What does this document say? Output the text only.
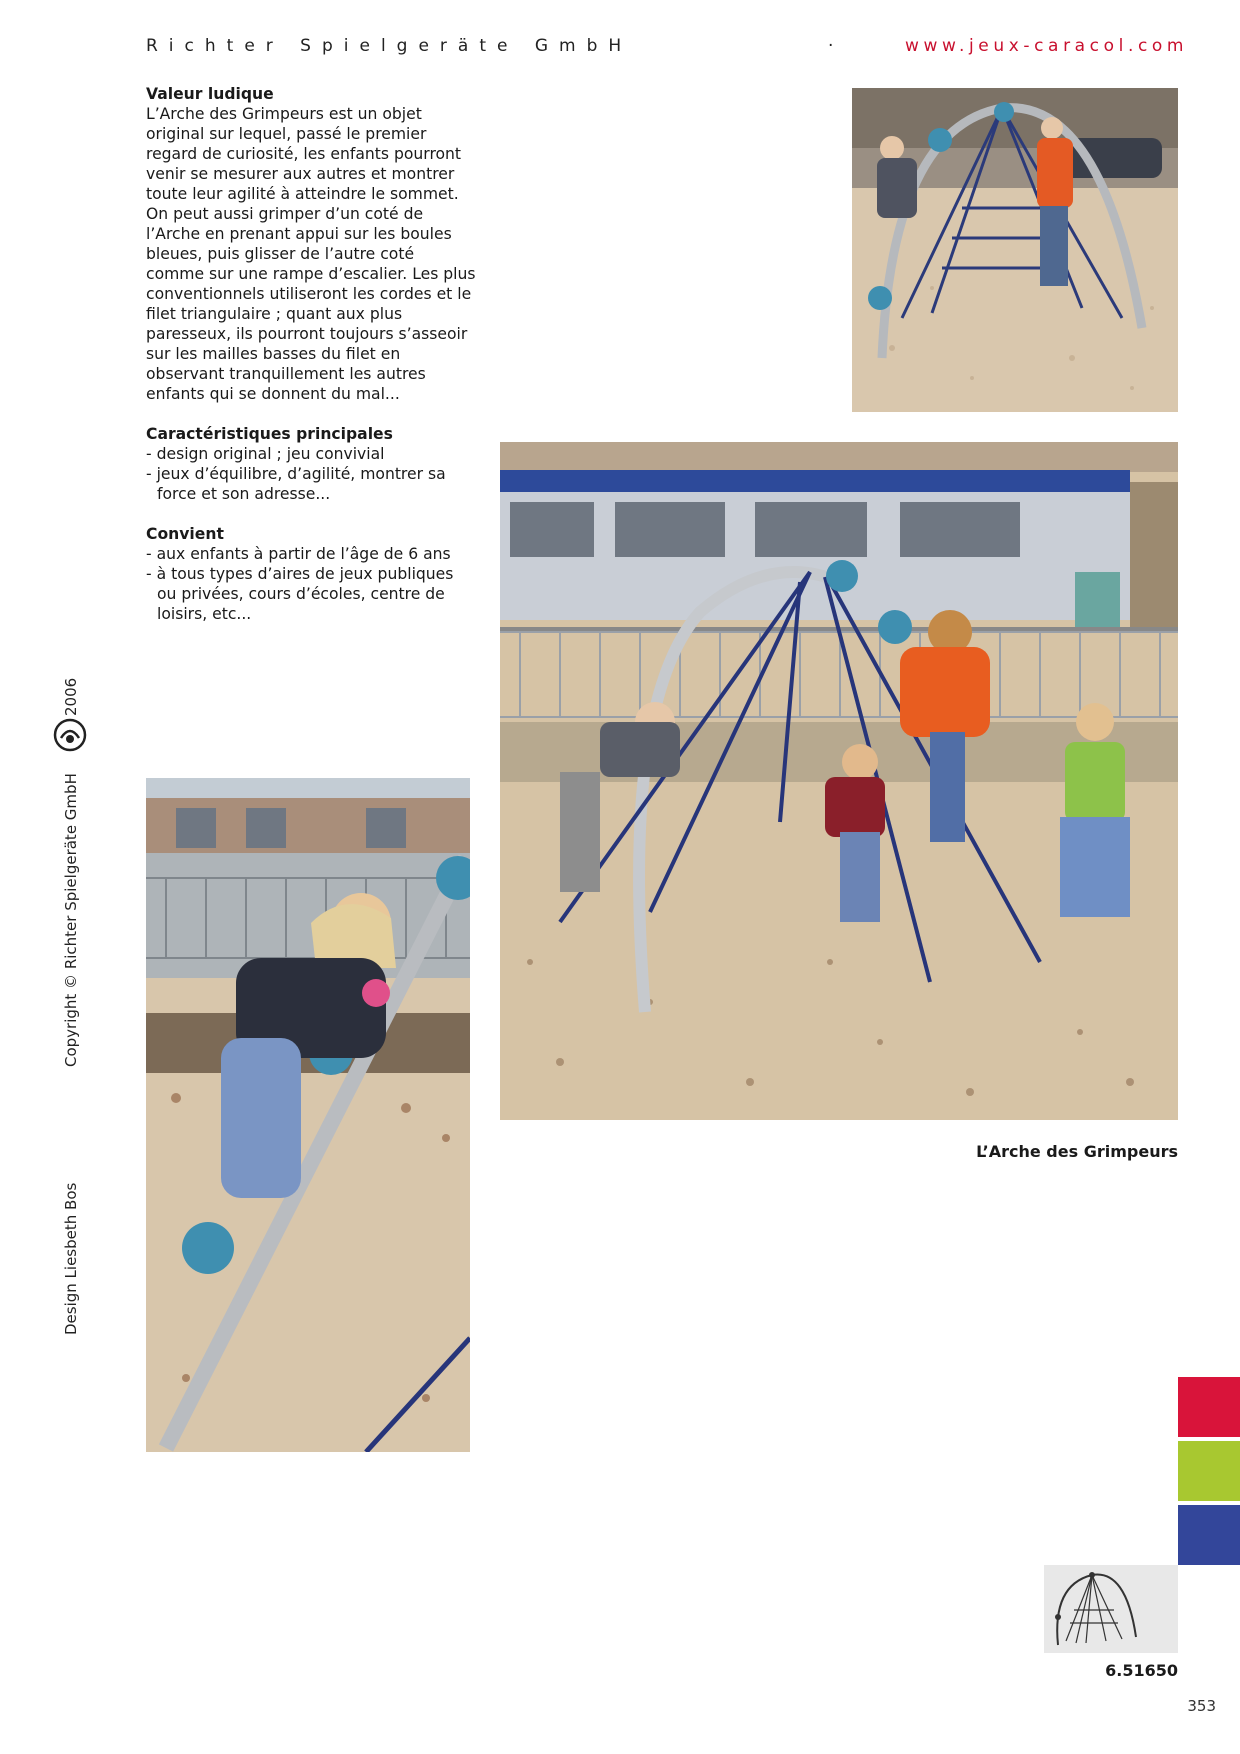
Richter Spielgeräte GmbH	·	www.jeux-caracol.com
Valeur ludique

L’Arche des Grimpeurs est un objet original sur lequel, passé le premier regard de curiosité, les enfants pourront venir se mesurer aux autres et montrer toute leur agilité à atteindre le sommet. On peut aussi grimper d’un coté de l’Arche en prenant appui sur les boules bleues, puis glisser de l’autre coté comme sur une rampe d’escalier. Les plus conventionnels utiliseront les cordes et le filet triangulaire ; quant aux plus paresseux, ils pourront toujours s’asseoir sur les mailles basses du filet en observant tranquillement les autres enfants qui se donnent du mal...

Caractéristiques principales
- design original ; jeu convivial
- jeux d’équilibre, d’agilité, montrer sa force et son adresse...
Convient
- aux enfants à partir de l’âge de 6 ans
- à tous types d’aires de jeux publiques ou privées, cours d’écoles, centre de loisirs, etc...
Copyright © Richter Spielgeräte GmbH
2006
Design Liesbeth Bos
L’Arche des Grimpeurs
6.51650
353
